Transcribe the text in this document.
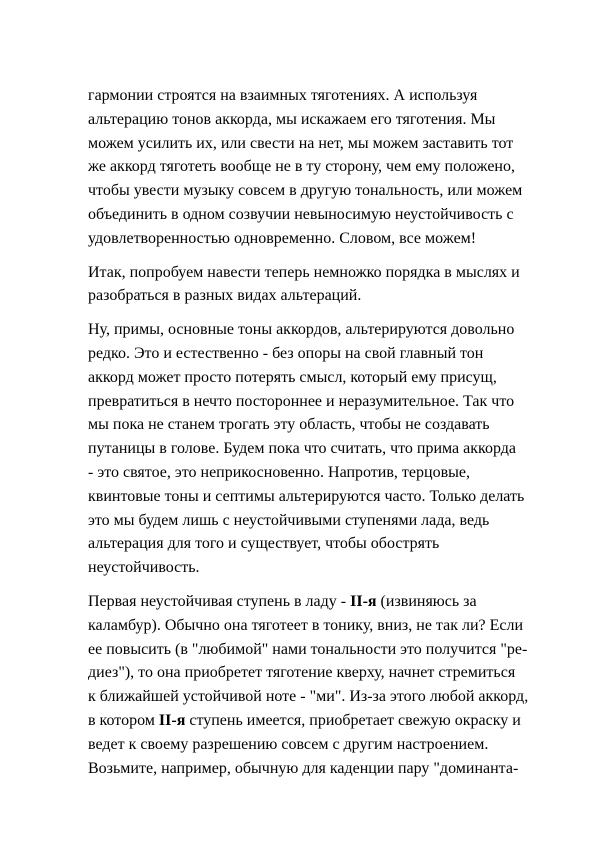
гармонии строятся на взаимных тяготениях. А используя
альтерацию тонов аккорда, мы искажаем его тяготения. Мы
можем усилить их, или свести на нет, мы можем заставить тот
же аккорд тяготеть вообще не в ту сторону, чем ему положено,
чтобы увести музыку совсем в другую тональность, или можем
объединить в одном созвучии невыносимую неустойчивость с
удовлетворенностью одновременно. Словом, все можем!

Итак, попробуем навести теперь немножко порядка в мыслях и
разобраться в разных видах альтераций.

Ну, примы, основные тоны аккордов, альтерируются довольно
редко. Это и естественно - без опоры на свой главный тон
аккорд может просто потерять смысл, который ему присущ,
превратиться в нечто постороннее и неразумительное. Так что
мы пока не станем трогать эту область, чтобы не создавать
путаницы в голове. Будем пока что считать, что прима аккорда
- это святое, это неприкосновенно. Напротив, терцовые,
квинтовые тоны и септимы альтерируются часто. Только делать
это мы будем лишь с неустойчивыми ступенями лада, ведь
альтерация для того и существует, чтобы обострять
неустойчивость.

Первая неустойчивая ступень в ладу - II-я (извиняюсь за
каламбур). Обычно она тяготеет в тонику, вниз, не так ли? Если
ее повысить (в "любимой" нами тональности это получится "ре-
диез"), то она приобретет тяготение кверху, начнет стремиться
к ближайшей устойчивой ноте - "ми". Из-за этого любой аккорд,
в котором II-я ступень имеется, приобретает свежую окраску и
ведет к своему разрешению совсем с другим настроением.
Возьмите, например, обычную для каденции пару "доминанта-
